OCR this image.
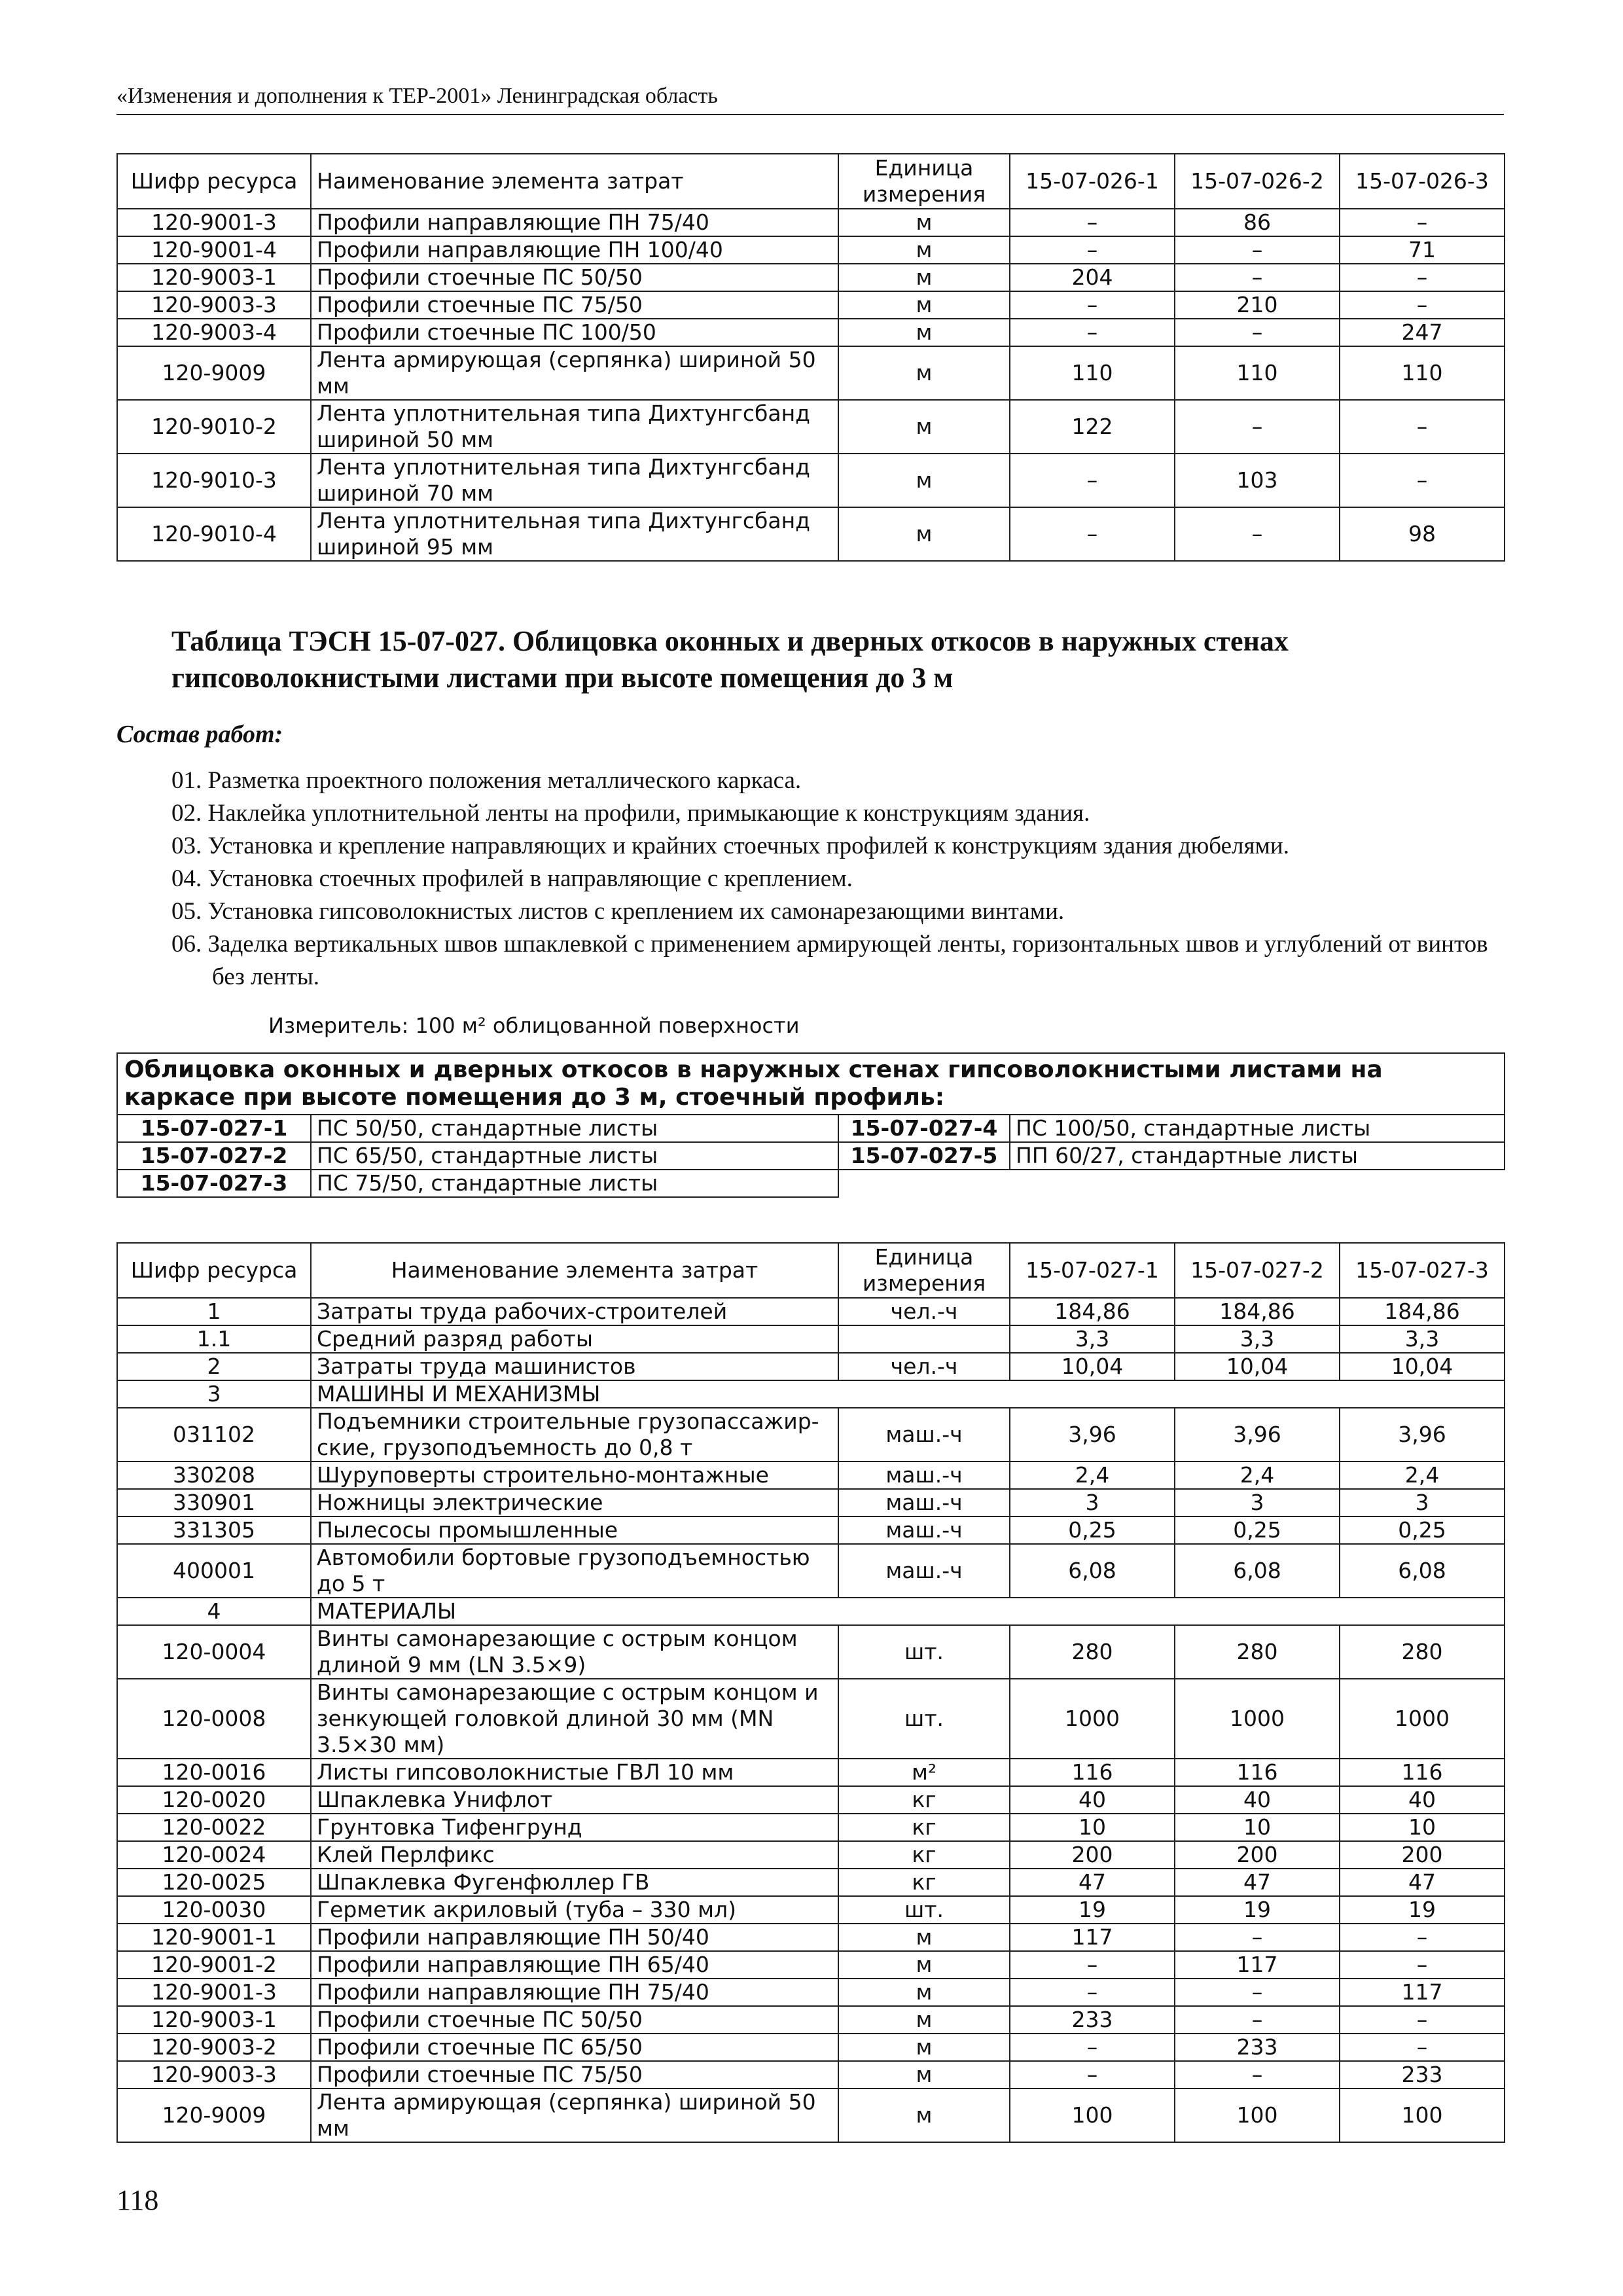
«Изменения и дополнения к ТЕР-2001» Ленинградская область
Шифр ресурса	Наименование элемента затрат	Единица измерения	15-07-026-1	15-07-026-2	15-07-026-3
120-9001-3	Профили направляющие ПН 75/40	м	–	86	–
120-9001-4	Профили направляющие ПН 100/40	м	–	–	71
120-9003-1	Профили стоечные ПС 50/50	м	204	–	–
120-9003-3	Профили стоечные ПС 75/50	м	–	210	–
120-9003-4	Профили стоечные ПС 100/50	м	–	–	247
120-9009	Лента армирующая (серпянка) шириной 50 мм	м	110	110	110
120-9010-2	Лента уплотнительная типа Дихтунгсбанд шириной 50 мм	м	122	–	–
120-9010-3	Лента уплотнительная типа Дихтунгсбанд шириной 70 мм	м	–	103	–
120-9010-4	Лента уплотнительная типа Дихтунгсбанд шириной 95 мм	м	–	–	98
Таблица ТЭСН 15-07-027. Облицовка оконных и дверных откосов в наружных стенах гипсоволокнистыми листами при высоте помещения до 3 м
Состав работ:
01. Разметка проектного положения металлического каркаса.
02. Наклейка уплотнительной ленты на профили, примыкающие к конструкциям здания.
03. Установка и крепление направляющих и крайних стоечных профилей к конструкциям здания дюбелями.
04. Установка стоечных профилей в направляющие с креплением.
05. Установка гипсоволокнистых листов с креплением их самонарезающими винтами.
06. Заделка вертикальных швов шпаклевкой с применением армирующей ленты, горизонтальных швов и углублений от винтов без ленты.
Измеритель: 100 м² облицованной поверхности
Облицовка оконных и дверных откосов в наружных стенах гипсоволокнистыми листами на каркасе при высоте помещения до 3 м, стоечный профиль:			
15-07-027-1	ПС 50/50, стандартные листы	15-07-027-4	ПС 100/50, стандартные листы
15-07-027-2	ПС 65/50, стандартные листы	15-07-027-5	ПП 60/27, стандартные листы
15-07-027-3	ПС 75/50, стандартные листы		
Шифр ресурса	Наименование элемента затрат	Единица измерения	15-07-027-1	15-07-027-2	15-07-027-3
1	Затраты труда рабочих-строителей	чел.-ч	184,86	184,86	184,86
1.1	Средний разряд работы		3,3	3,3	3,3
2	Затраты труда машинистов	чел.-ч	10,04	10,04	10,04
3	МАШИНЫ И МЕХАНИЗМЫ				
031102	Подъемники строительные грузопассажир-ские, грузоподъемность до 0,8 т	маш.-ч	3,96	3,96	3,96
330208	Шуруповерты строительно-монтажные	маш.-ч	2,4	2,4	2,4
330901	Ножницы электрические	маш.-ч	3	3	3
331305	Пылесосы промышленные	маш.-ч	0,25	0,25	0,25
400001	Автомобили бортовые грузоподъемностью до 5 т	маш.-ч	6,08	6,08	6,08
4	МАТЕРИАЛЫ				
120-0004	Винты самонарезающие с острым концом длиной 9 мм (LN 3.5×9)	шт.	280	280	280
120-0008	Винты самонарезающие с острым концом и зенкующей головкой длиной 30 мм (MN 3.5×30 мм)	шт.	1000	1000	1000
120-0016	Листы гипсоволокнистые ГВЛ 10 мм	м²	116	116	116
120-0020	Шпаклевка Унифлот	кг	40	40	40
120-0022	Грунтовка Тифенгрунд	кг	10	10	10
120-0024	Клей Перлфикс	кг	200	200	200
120-0025	Шпаклевка Фугенфюллер ГВ	кг	47	47	47
120-0030	Герметик акриловый (туба – 330 мл)	шт.	19	19	19
120-9001-1	Профили направляющие ПН 50/40	м	117	–	–
120-9001-2	Профили направляющие ПН 65/40	м	–	117	–
120-9001-3	Профили направляющие ПН 75/40	м	–	–	117
120-9003-1	Профили стоечные ПС 50/50	м	233	–	–
120-9003-2	Профили стоечные ПС 65/50	м	–	233	–
120-9003-3	Профили стоечные ПС 75/50	м	–	–	233
120-9009	Лента армирующая (серпянка) шириной 50 мм	м	100	100	100
118
